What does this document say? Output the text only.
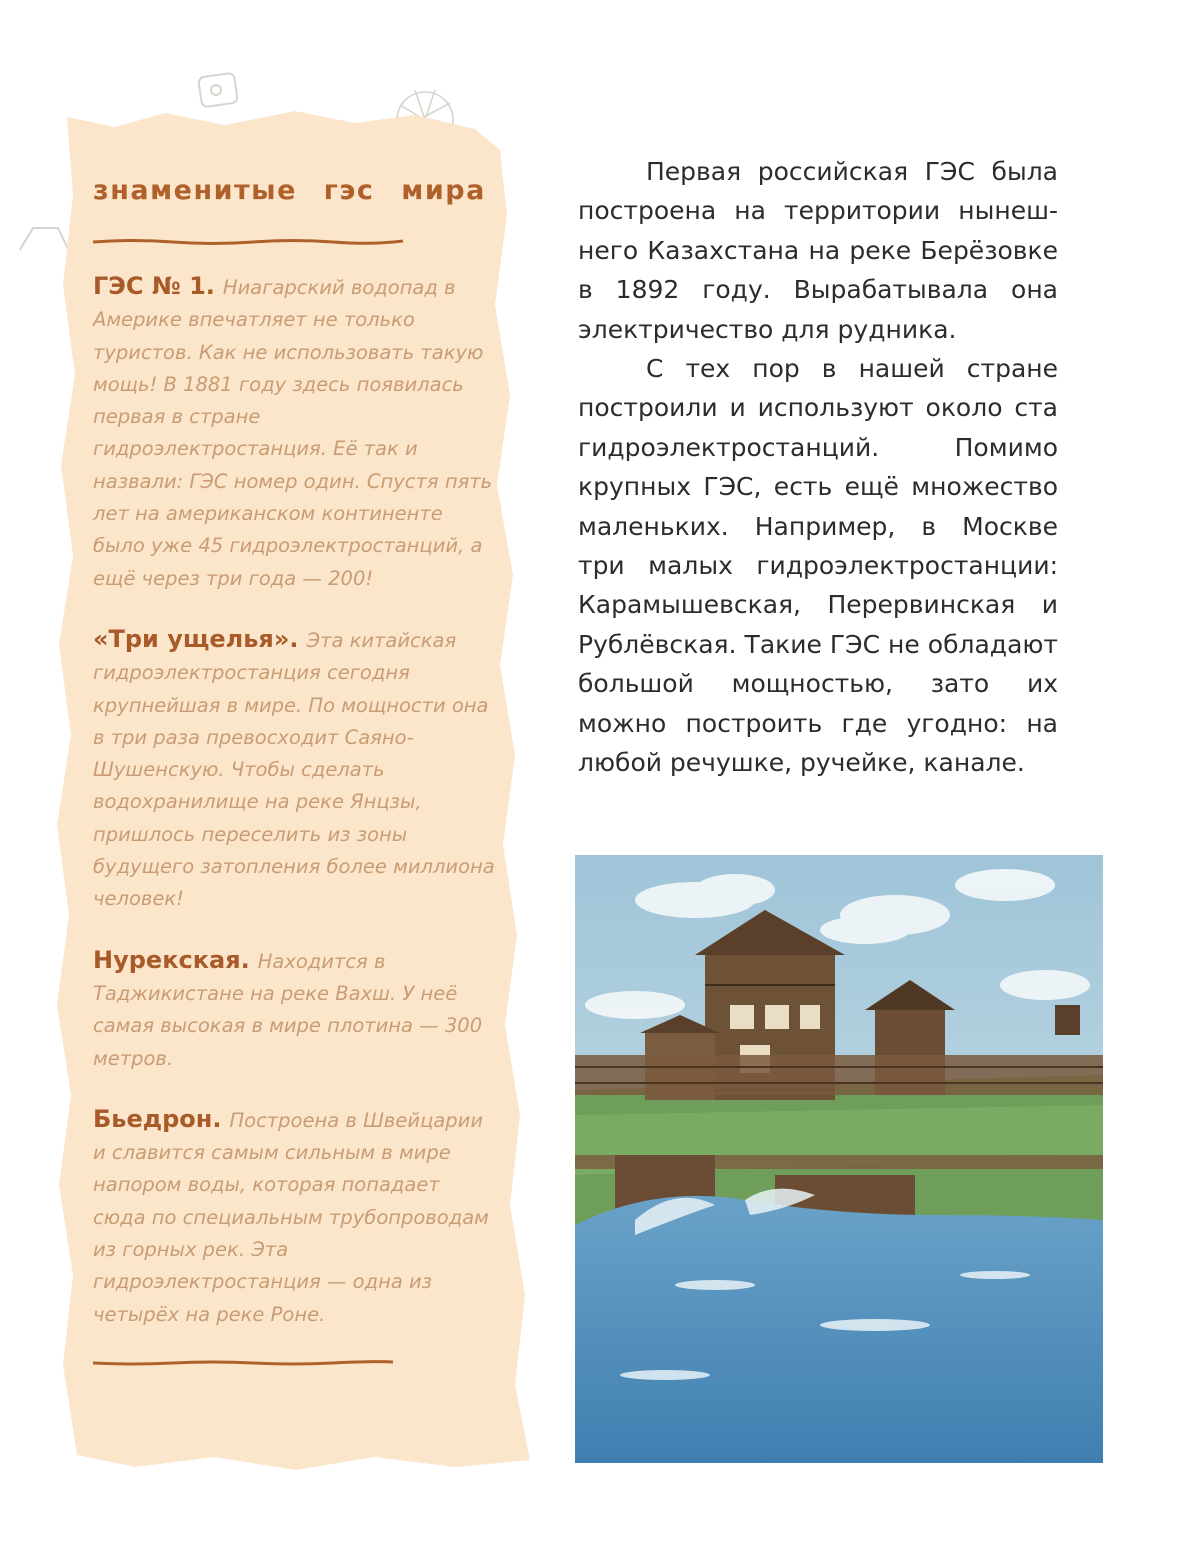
знаменитые гэс мира

ГЭС № 1. Ниагарский водопад в Америке впечатляет не только туристов. Как не использовать такую мощь! В 1881 году здесь появилась первая в стране гидроэлектростанция. Её так и назвали: ГЭС номер один. Спустя пять лет на американском континенте было уже 45 гидроэлектростанций, а ещё через три года — 200!

«Три ущелья». Эта китайская гидроэлектростанция сегодня крупнейшая в мире. По мощности она в три раза превосходит Саяно-Шушенскую. Чтобы сделать водохранилище на реке Янцзы, пришлось переселить из зоны будущего затопления более миллиона человек!

Нурекская. Находится в Таджикистане на реке Вахш. У неё самая высокая в мире плотина — 300 метров.

Бьедрон. Построена в Швейцарии и славится самым сильным в мире напором воды, которая попадает сюда по специальным трубопроводам из горных рек. Эта гидроэлектростанция — одна из четырёх на реке Роне.

Первая российская ГЭС была построена на территории нынешнего Казахстана на реке Берёзовке в 1892 году. Вырабатывала она электричество для рудника.

С тех пор в нашей стране построили и используют около ста гидроэлектростанций. Помимо крупных ГЭС, есть ещё множество маленьких. Например, в Москве три малых гидроэлектростанции: Карамышевская, Перервинская и Рублёвская. Такие ГЭС не обладают большой мощностью, зато их можно построить где угодно: на любой речушке, ручейке, канале.
